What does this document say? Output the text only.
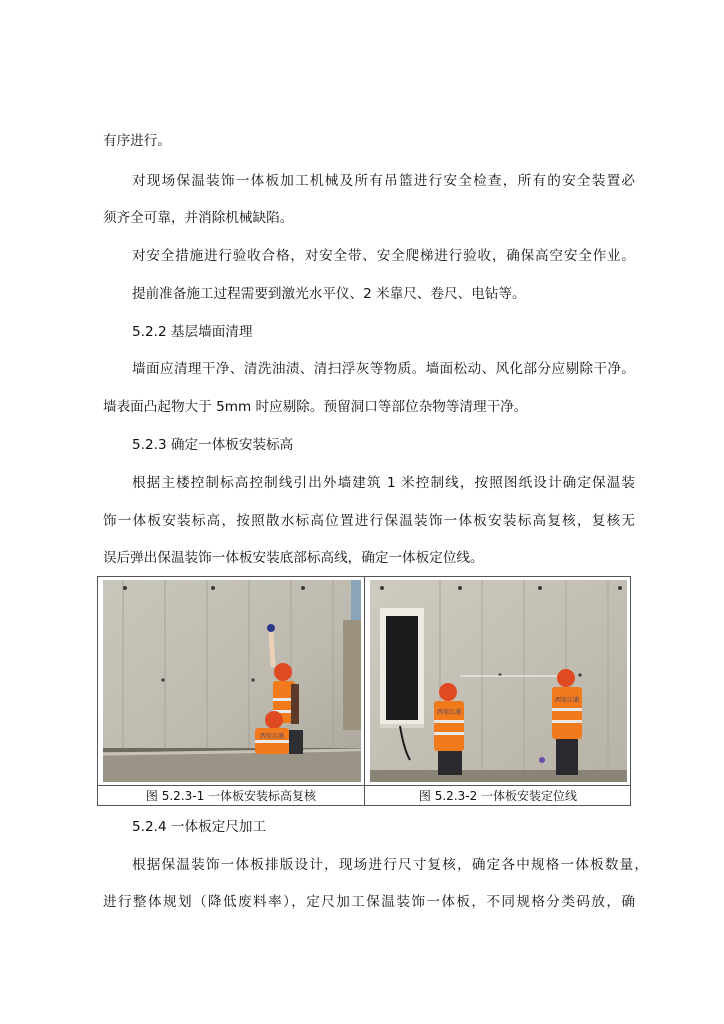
有序进行。
对现场保温装饰一体板加工机械及所有吊篮进行安全检查，所有的安全装置必
须齐全可靠，并消除机械缺陷。
对安全措施进行验收合格，对安全带、安全爬梯进行验收，确保高空安全作业。
提前准备施工过程需要到激光水平仪、2 米靠尺、卷尺、电钻等。
5.2.2 基层墙面清理
墙面应清理干净、清洗油渍、清扫浮灰等物质。墙面松动、风化部分应剔除干净。
墙表面凸起物大于 5mm 时应剔除。预留洞口等部位杂物等清理干净。
5.2.3 确定一体板安装标高
根据主楼控制标高控制线引出外墙建筑 1 米控制线，按照图纸设计确定保温装
饰一体板安装标高，按照散水标高位置进行保温装饰一体板安装标高复核，复核无
误后弹出保温装饰一体板安装底部标高线，确定一体板定位线。
西安江浦
图 5.2.3-1 一体板安装标高复核
西安江浦
西安江浦
图 5.2.3-2 一体板安装定位线
5.2.4 一体板定尺加工
根据保温装饰一体板排版设计，现场进行尺寸复核，确定各中规格一体板数量，
进行整体规划（降低废料率），定尺加工保温装饰一体板，不同规格分类码放，确
